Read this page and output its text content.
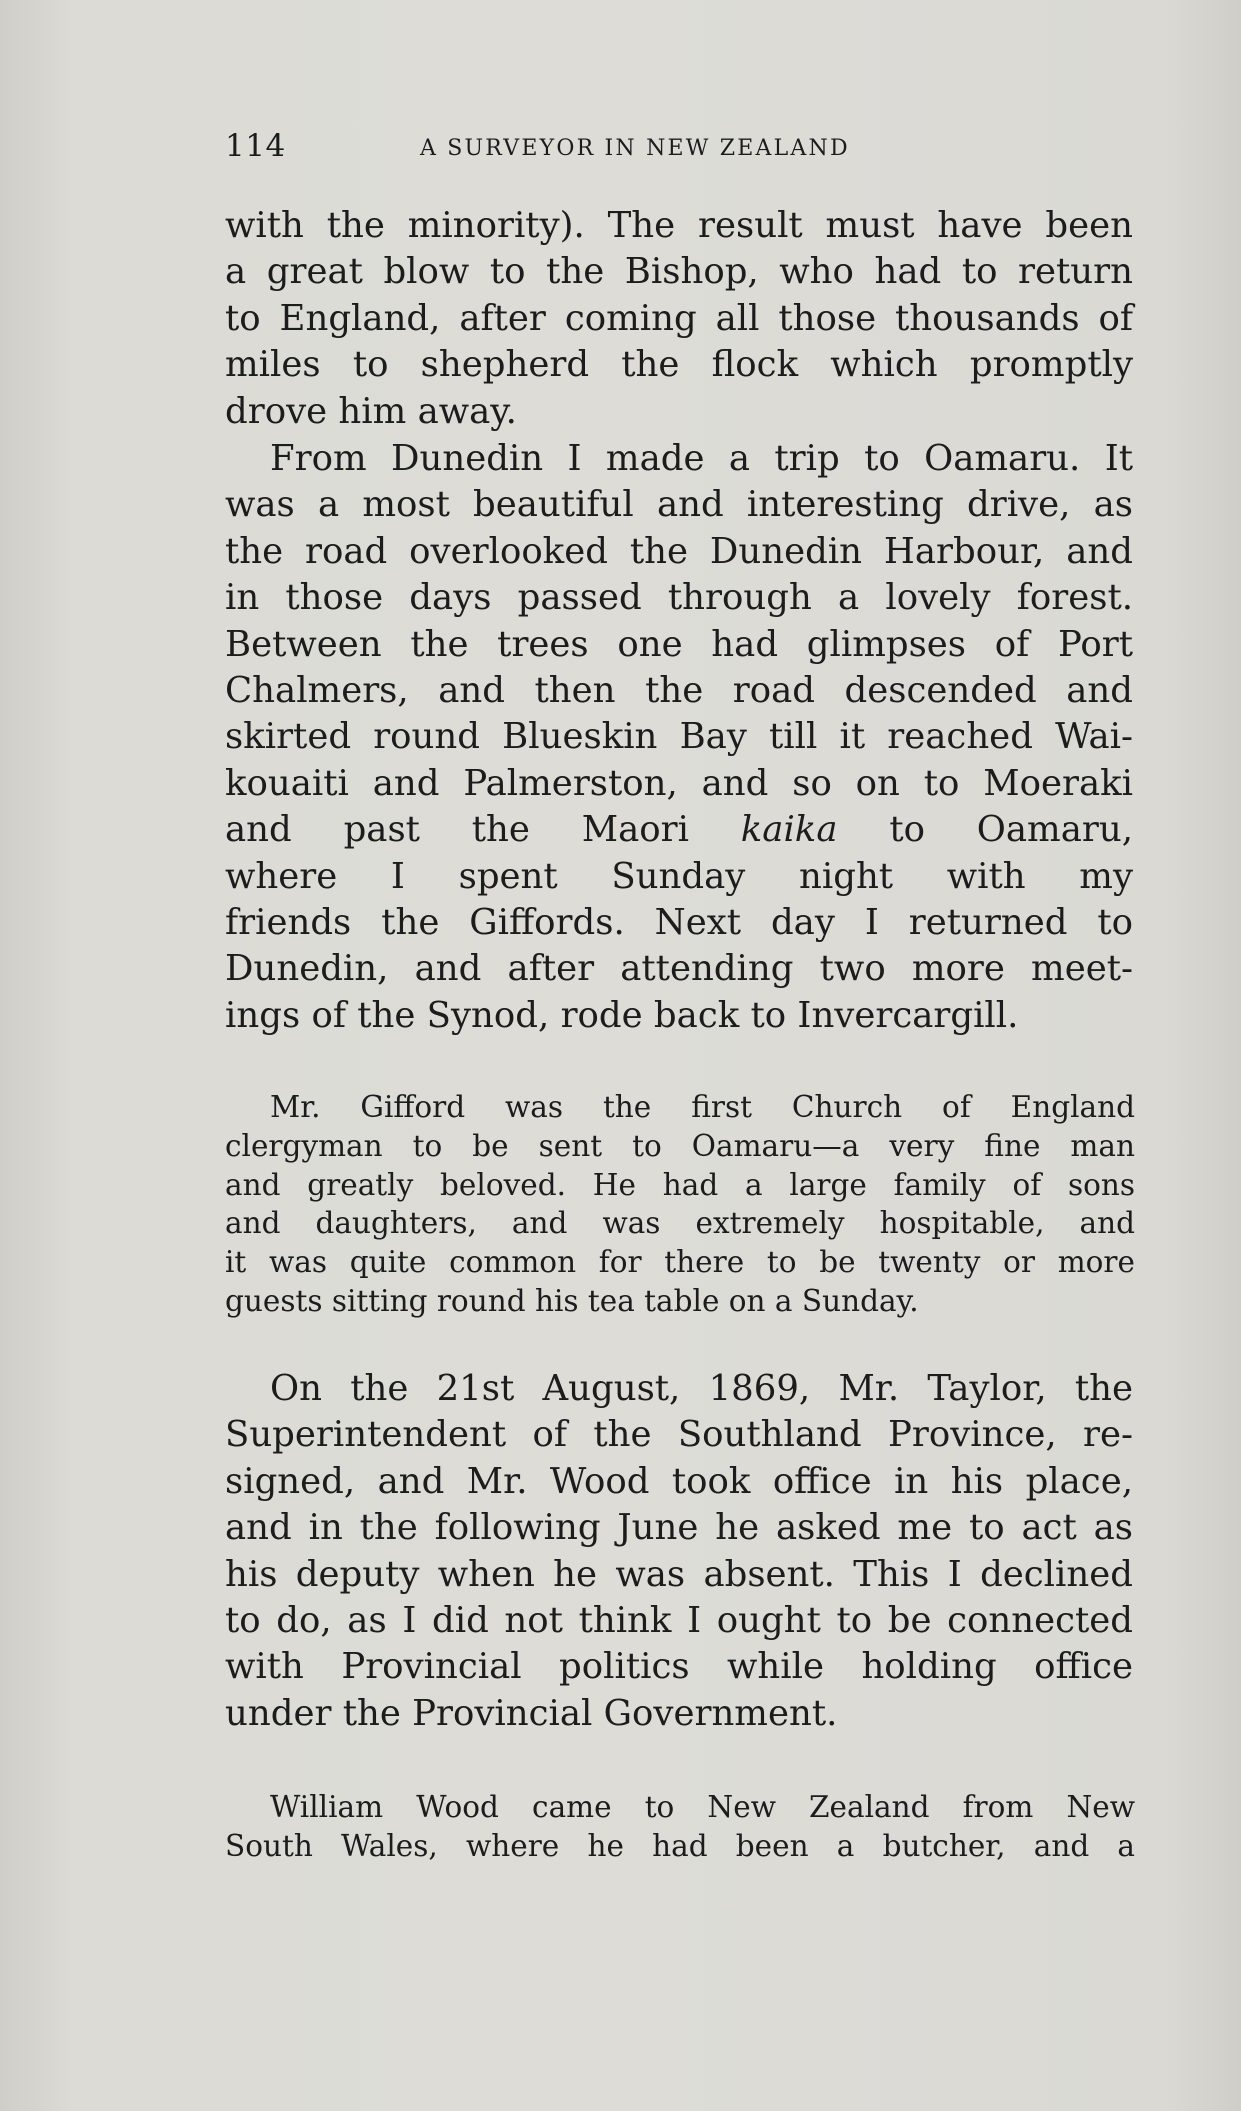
114	A SURVEYOR IN NEW ZEALAND

with the minority). The result must have been
a great blow to the Bishop, who had to return
to England, after coming all those thousands of
miles to shepherd the flock which promptly
drove him away.

From Dunedin I made a trip to Oamaru. It
was a most beautiful and interesting drive, as
the road overlooked the Dunedin Harbour, and
in those days passed through a lovely forest.
Between the trees one had glimpses of Port
Chalmers, and then the road descended and
skirted round Blueskin Bay till it reached Wai-
kouaiti and Palmerston, and so on to Moeraki
and past the Maori kaika to Oamaru,
where I spent Sunday night with my
friends the Giffords. Next day I returned to
Dunedin, and after attending two more meet-
ings of the Synod, rode back to Invercargill.

Mr. Gifford was the first Church of England
clergyman to be sent to Oamaru—a very fine man
and greatly beloved. He had a large family of sons
and daughters, and was extremely hospitable, and
it was quite common for there to be twenty or more
guests sitting round his tea table on a Sunday.

On the 21st August, 1869, Mr. Taylor, the
Superintendent of the Southland Province, re-
signed, and Mr. Wood took office in his place,
and in the following June he asked me to act as
his deputy when he was absent. This I declined
to do, as I did not think I ought to be connected
with Provincial politics while holding office
under the Provincial Government.

William Wood came to New Zealand from New
South Wales, where he had been a butcher, and a
